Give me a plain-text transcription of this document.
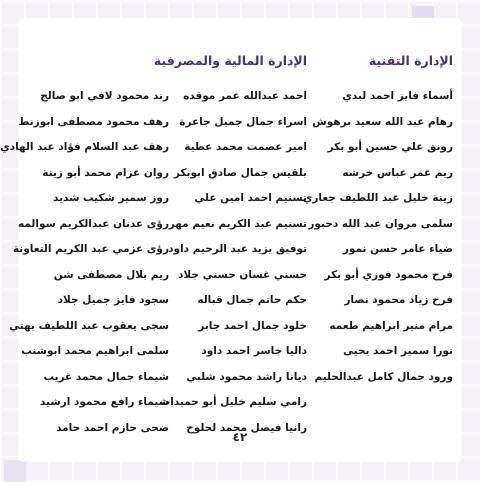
الإدارة التقنية
الإدارة المالية والمصرفية
أسماء فايز احمد لبدي
رهام عبد الله سعيد برهوش
رونق علي حسين أبو بكر
ريم عمر عباس خرشه
زينة خليل عبد اللطيف جعاري
سلمى مروان عبد الله دحبور
ضياء عامر حسن نمور
فرح محمود فوزي أبو بكر
فرح زياد محمود نصار
مرام منير ابراهيم طعمه
نورا سمير احمد يحيى
ورود جمال كامل عبدالحليم
احمد عبدالله عمر موقده
اسراء جمال جميل جاعرة
امير عصمت محمد عطية
بلقيس جمال صادق ابوبكر
تسنيم احمد امين علي
تسنيم عبد الكريم نعيم مهر
توفيق يزيد عبد الرحيم داود
حسني غسان حسني جلاد
حكم حاتم جمال قباله
خلود جمال احمد جابر
داليا جاسر احمد داود
ديانا راشد محمود شلبي
رامي سليم خليل أبو حميدات
رانيا فيصل محمد لحلوح
رند محمود لافي ابو صالح
رهف محمود مصطفى ابوزنط
رهف عبد السلام فؤاد عبد الهادي
روان عزام محمد أبو زينة
روز سمير شكيب شديد
رؤى عدنان عبدالكريم سوالمه
رؤى عزمي عبد الكريم التعاونة
ريم بلال مصطفى شن
سجود فايز جميل جلاد
سجى يعقوب عبد اللطيف بهتي
سلمى ابراهيم محمد ابوشنب
شيماء جمال محمد غريب
شيماء رافع محمود ارشيد
ضحى حازم احمد حامد
٤٢
